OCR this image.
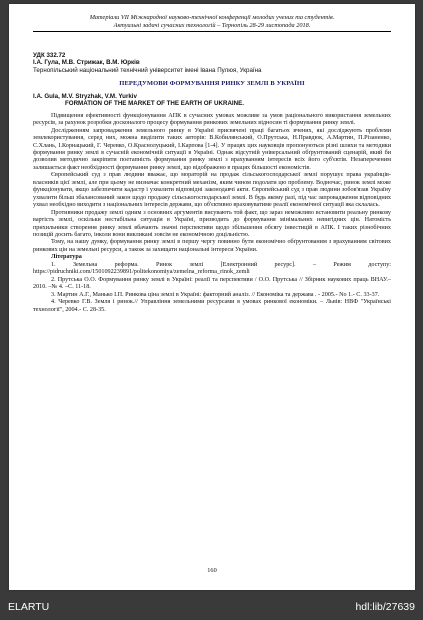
Матеріали VІІ Міжнародної науково-технічної конференції молодих учених та студентів.
Актуальні задачі сучасних технологій – Тернопіль 28-29 листопада 2018.
УДК 332.72
І.А. Гула, М.В. Стрижак, В.М. Юркiв
Тернопільський національний технічний університет імені Івана Пулюя, Україна
ПЕРЕДУМОВИ ФОРМУВАННЯ РИНКУ ЗЕМЛІ В УКРАЇНІ
I.A. Gula, M.V. Stryzhak, V.M. Yurkiv
FORMATION OF THE MARKET OF THE EARTH OF UKRAINE.
Підвищення ефективності функціонування АПК в сучасних умовах можливе за умов раціонального використання земельних ресурсів, за рахунок розробки досконалого процесу формування ринкових земельних відносин ті формування ринку землі.
Дослідженням запровадження земельного ринку в Україні присвячені праці багатьох вчених, які досліджують проблеми землекористування, серед них, можна виділити таких авторів: В.Кобилянський, О.Прутська, Н.Правдюк, А.Мартин, П.Різаненко, С.Хлань, І.Корнацький, Г. Черевко, О.Краснолуцький, І.Карпова [1-4]. У працях цих науковців пропонуються різні шляхи та методики формування ринку землі в сучасній економічній ситуації в Україні. Однак відсутній універсальний обґрунтований сценарій, який би дозволив методично закріпити поетапність формування ринку землі з врахуванням інтересів всіх його суб'єктів. Незапереченим залишається факт необхідності формування ринку землі, що відображено в працях більшості економістів.
Європейський суд з прав людини вважає, що мораторій на продаж сільськогосподарської землі порушує права українців-власників цієї землі, але при цьому не визначає конкретний механізм, яким чином подолати цю проблему. Водночас, ринок землі може функціонувати, якщо забезпечити кадастр і ухвалити відповідні законодавчі акти. Європейський суд з прав людини зобов'язав Україну ухвалити більш збалансований закон щодо продажу сільськогосподарської землі. В будь якому разі, під час запровадження відповідних ухвал необхідно виходити з національних інтересів держави, що об'єктивно враховуватиме реалії економічної ситуації яка склалась.
Противники продажу землі одним з основних аргументів висувають той факт, що зараз неможливо встановити реальну ринкову вартість землі, оскільки нестабільна ситуація в Україні, призводить до формування мінімальних невигідних цін. Натомість прихильники створення ринку землі вбачають значні перспективи щодо збільшення обсягу інвестицій в АПК. І таких різнобічних позицій досить багато, інколи вони викликані зовсім не економічною доцільністю.
Тому, на нашу думку, формування ринку землі в першу чергу повинно бути економічно обґрунтованим з врахуванням світових ринкових цін на земельні ресурси, а також за захищати національні інтереси України.
Література
1. Земельна реформа. Ринок землі [Електронний ресурс]. – Режим доступу: https://pidruchniki.com/1501092239891/politekonomiya/zemelna_reforma_rinok_zemli
2. Прутська О.О. Формування ринку землі в Україні: реалії та перспективи / О.О. Прутська // Збірник наукових праць ВНАУ.–2010. –№ 4. –С. 11-18.
3. Мартин А.Г., Манько І.П. Ринкова ціна землі в Україні: факторний аналіз. // Економіка та держава . - 2005.- No 1.- С. 33-37.
4. Черевко Г.В. Земля і ринок.// Управління земельними ресурсами в умовах ринкової економіки. – Львів: НВФ "Українські технології", 2004.- С. 28-35.
160
ELARTU	hdl:lib/27639
